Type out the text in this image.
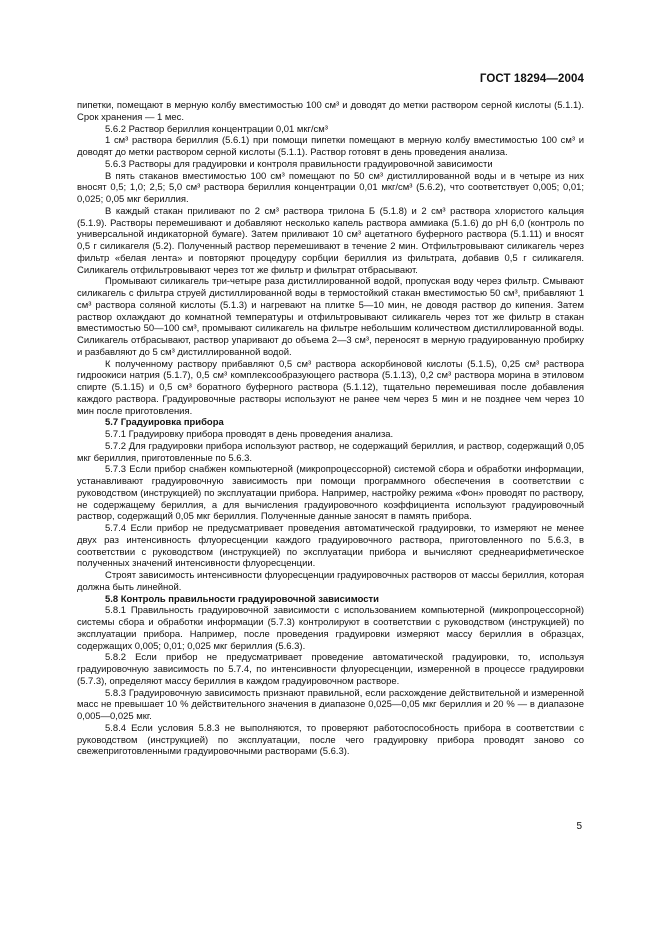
ГОСТ 18294—2004

пипетки, помещают в мерную колбу вместимостью 100 см³ и доводят до метки раствором серной кислоты (5.1.1). Срок хранения — 1 мес.

5.6.2 Раствор бериллия концентрации 0,01 мкг/см³

1 см³ раствора бериллия (5.6.1) при помощи пипетки помещают в мерную колбу вместимостью 100 см³ и доводят до метки раствором серной кислоты (5.1.1). Раствор готовят в день проведения анализа.

5.6.3 Растворы для градуировки и контроля правильности градуировочной зависимости

В пять стаканов вместимостью 100 см³ помещают по 50 см³ дистиллированной воды и в четыре из них вносят 0,5; 1,0; 2,5; 5,0 см³ раствора бериллия концентрации 0,01 мкг/см³ (5.6.2), что соответствует 0,005; 0,01; 0,025; 0,05 мкг бериллия.

В каждый стакан приливают по 2 см³ раствора трилона Б (5.1.8) и 2 см³ раствора хлористого кальция (5.1.9). Растворы перемешивают и добавляют несколько капель раствора аммиака (5.1.6) до pH 6,0 (контроль по универсальной индикаторной бумаге). Затем приливают 10 см³ ацетатного буферного раствора (5.1.11) и вносят 0,5 г силикагеля (5.2). Полученный раствор перемешивают в течение 2 мин. Отфильтровывают силикагель через фильтр «белая лента» и повторяют процедуру сорбции бериллия из фильтрата, добавив 0,5 г силикагеля. Силикагель отфильтровывают через тот же фильтр и фильтрат отбрасывают.

Промывают силикагель три-четыре раза дистиллированной водой, пропуская воду через фильтр. Смывают силикагель с фильтра струей дистиллированной воды в термостойкий стакан вместимостью 50 см³, прибавляют 1 см³ раствора соляной кислоты (5.1.3) и нагревают на плитке 5—10 мин, не доводя раствор до кипения. Затем раствор охлаждают до комнатной температуры и отфильтровывают силикагель через тот же фильтр в стакан вместимостью 50—100 см³, промывают силикагель на фильтре небольшим количеством дистиллированной воды. Силикагель отбрасывают, раствор упаривают до объема 2—3 см³, переносят в мерную градуированную пробирку и разбавляют до 5 см³ дистиллированной водой.

К полученному раствору прибавляют 0,5 см³ раствора аскорбиновой кислоты (5.1.5), 0,25 см³ раствора гидроокиси натрия (5.1.7), 0,5 см³ комплексообразующего раствора (5.1.13), 0,2 см³ раствора морина в этиловом спирте (5.1.15) и 0,5 см³ боратного буферного раствора (5.1.12), тщательно перемешивая после добавления каждого раствора. Градуировочные растворы используют не ранее чем через 5 мин и не позднее чем через 10 мин после приготовления.

5.7 Градуировка прибора

5.7.1 Градуировку прибора проводят в день проведения анализа.

5.7.2 Для градуировки прибора используют раствор, не содержащий бериллия, и раствор, содержащий 0,05 мкг бериллия, приготовленные по 5.6.3.

5.7.3 Если прибор снабжен компьютерной (микропроцессорной) системой сбора и обработки информации, устанавливают градуировочную зависимость при помощи программного обеспечения в соответствии с руководством (инструкцией) по эксплуатации прибора. Например, настройку режима «Фон» проводят по раствору, не содержащему бериллия, а для вычисления градуировочного коэффициента используют градуировочный раствор, содержащий 0,05 мкг бериллия. Полученные данные заносят в память прибора.

5.7.4 Если прибор не предусматривает проведения автоматической градуировки, то измеряют не менее двух раз интенсивность флуоресценции каждого градуировочного раствора, приготовленного по 5.6.3, в соответствии с руководством (инструкцией) по эксплуатации прибора и вычисляют среднеарифметическое полученных значений интенсивности флуоресценции.

Строят зависимость интенсивности флуоресценции градуировочных растворов от массы бериллия, которая должна быть линейной.

5.8 Контроль правильности градуировочной зависимости

5.8.1 Правильность градуировочной зависимости с использованием компьютерной (микропроцессорной) системы сбора и обработки информации (5.7.3) контролируют в соответствии с руководством (инструкцией) по эксплуатации прибора. Например, после проведения градуировки измеряют массу бериллия в образцах, содержащих 0,005; 0,01; 0,025 мкг бериллия (5.6.3).

5.8.2 Если прибор не предусматривает проведение автоматической градуировки, то, используя градуировочную зависимость по 5.7.4, по интенсивности флуоресценции, измеренной в процессе градуировки (5.7.3), определяют массу бериллия в каждом градуировочном растворе.

5.8.3 Градуировочную зависимость признают правильной, если расхождение действительной и измеренной масс не превышает 10 % действительного значения в диапазоне 0,025—0,05 мкг бериллия и 20 % — в диапазоне 0,005—0,025 мкг.

5.8.4 Если условия 5.8.3 не выполняются, то проверяют работоспособность прибора в соответствии с руководством (инструкцией) по эксплуатации, после чего градуировку прибора проводят заново со свежеприготовленными градуировочными растворами (5.6.3).

5
